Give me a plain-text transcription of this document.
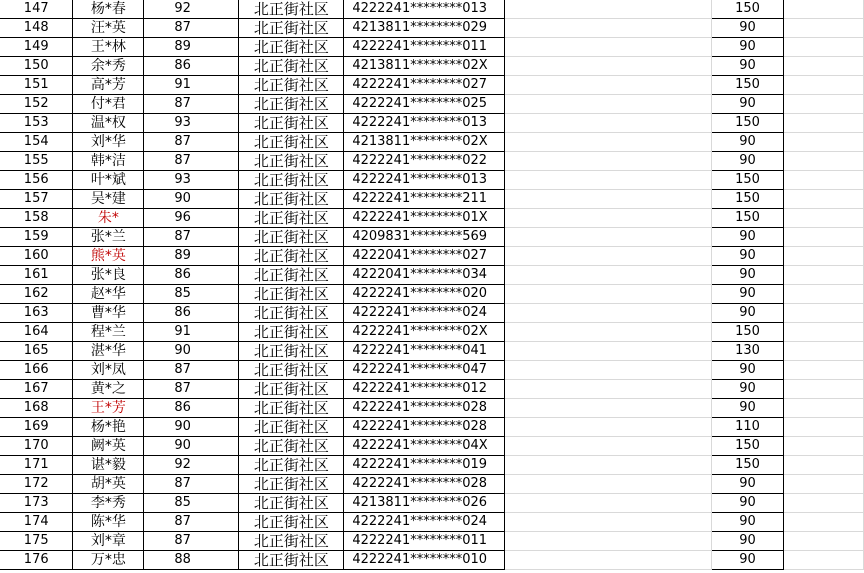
147	杨*春	92	北正街社区	4222241********013		150	
148	汪*英	87	北正街社区	4213811********029		90	
149	王*林	89	北正街社区	4222241********011		90	
150	余*秀	86	北正街社区	4213811********02X		90	
151	高*芳	91	北正街社区	4222241********027		150	
152	付*君	87	北正街社区	4222241********025		90	
153	温*权	93	北正街社区	4222241********013		150	
154	刘*华	87	北正街社区	4213811********02X		90	
155	韩*洁	87	北正街社区	4222241********022		90	
156	叶*斌	93	北正街社区	4222241********013		150	
157	吴*建	90	北正街社区	4222241********211		150	
158	朱*	96	北正街社区	4222241********01X		150	
159	张*兰	87	北正街社区	4209831********569		90	
160	熊*英	89	北正街社区	4222041********027		90	
161	张*良	86	北正街社区	4222041********034		90	
162	赵*华	85	北正街社区	4222241********020		90	
163	曹*华	86	北正街社区	4222241********024		90	
164	程*兰	91	北正街社区	4222241********02X		150	
165	湛*华	90	北正街社区	4222241********041		130	
166	刘*凤	87	北正街社区	4222241********047		90	
167	黄*之	87	北正街社区	4222241********012		90	
168	王*芳	86	北正街社区	4222241********028		90	
169	杨*艳	90	北正街社区	4222241********028		110	
170	阙*英	90	北正街社区	4222241********04X		150	
171	谌*毅	92	北正街社区	4222241********019		150	
172	胡*英	87	北正街社区	4222241********028		90	
173	李*秀	85	北正街社区	4213811********026		90	
174	陈*华	87	北正街社区	4222241********024		90	
175	刘*章	87	北正街社区	4222241********011		90	
176	万*忠	88	北正街社区	4222241********010		90	
